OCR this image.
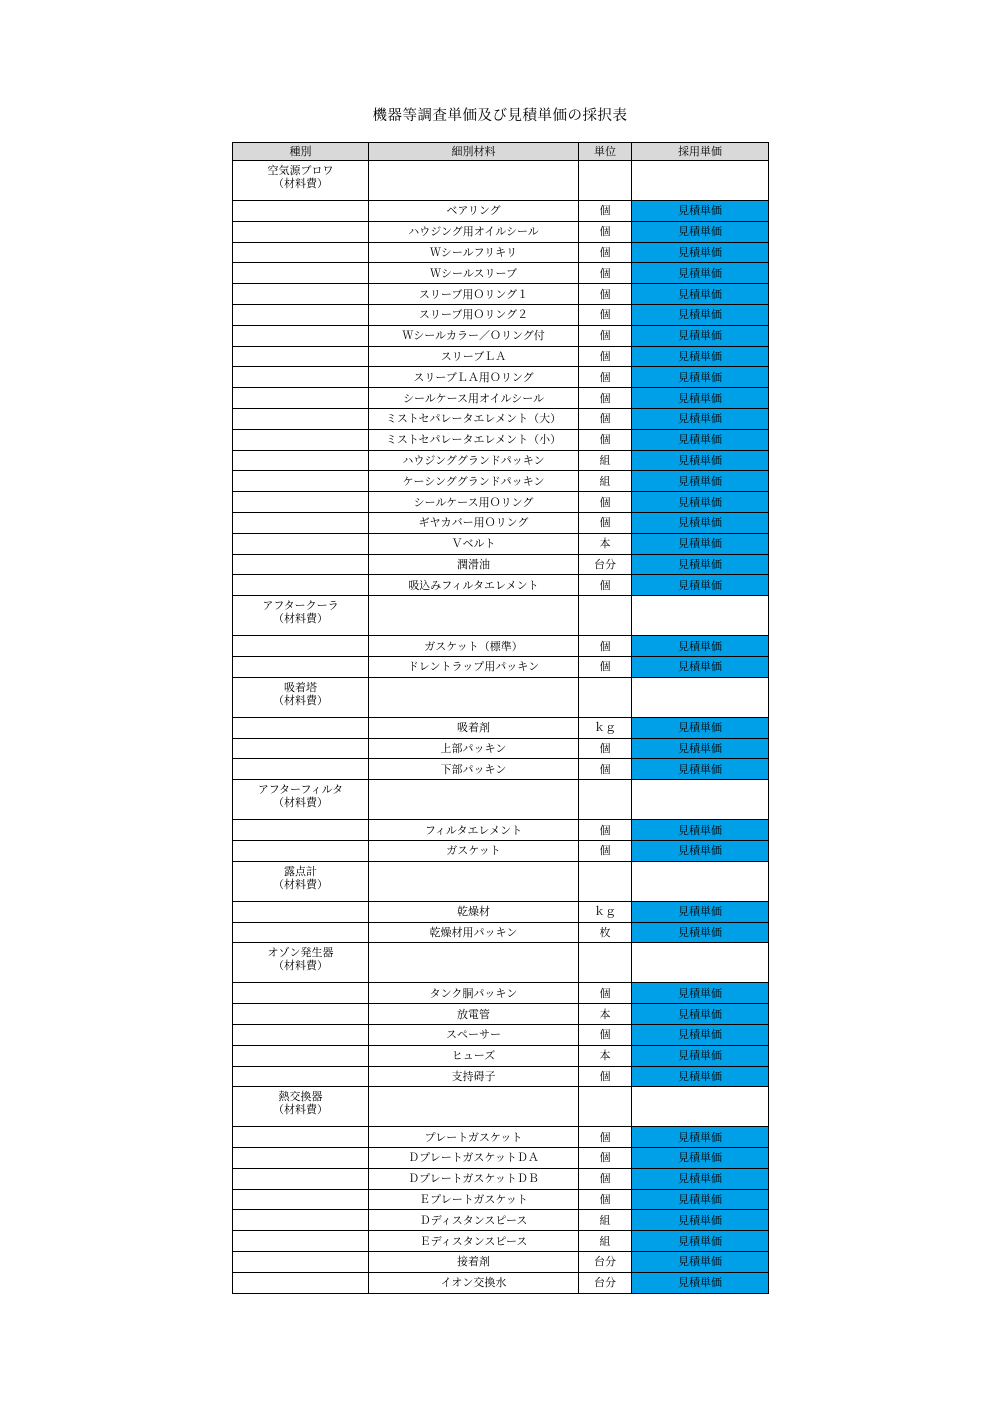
機器等調査単価及び見積単価の採択表
種別	細別材料	単位	採用単価

空気源ブロワ
（材料費）			

	ベアリング	個	見積単価
	ハウジング用オイルシール	個	見積単価
	Ｗシールフリキリ	個	見積単価
	Ｗシールスリーブ	個	見積単価
	スリーブ用Ｏリング１	個	見積単価
	スリーブ用Ｏリング２	個	見積単価
	Ｗシールカラー／Ｏリング付	個	見積単価
	スリーブＬＡ	個	見積単価
	スリーブＬＡ用Ｏリング	個	見積単価
	シールケース用オイルシール	個	見積単価
	ミストセパレータエレメント（大）	個	見積単価
	ミストセパレータエレメント（小）	個	見積単価
	ハウジンググランドパッキン	組	見積単価
	ケーシンググランドパッキン	組	見積単価
	シールケース用Ｏリング	個	見積単価
	ギヤカバー用Ｏリング	個	見積単価
	Ｖベルト	本	見積単価
	潤滑油	台分	見積単価
	吸込みフィルタエレメント	個	見積単価

アフタークーラ
（材料費）			

	ガスケット（標準）	個	見積単価
	ドレントラップ用パッキン	個	見積単価

吸着塔
（材料費）			

	吸着剤	ｋｇ	見積単価
	上部パッキン	個	見積単価
	下部パッキン	個	見積単価

アフターフィルタ
（材料費）			

	フィルタエレメント	個	見積単価
	ガスケット	個	見積単価

露点計
（材料費）			

	乾燥材	ｋｇ	見積単価
	乾燥材用パッキン	枚	見積単価

オゾン発生器
（材料費）			

	タンク胴パッキン	個	見積単価
	放電管	本	見積単価
	スペーサー	個	見積単価
	ヒューズ	本	見積単価
	支持碍子	個	見積単価

熱交換器
（材料費）			

	プレートガスケット	個	見積単価
	ＤプレートガスケットＤＡ	個	見積単価
	ＤプレートガスケットＤＢ	個	見積単価
	Ｅプレートガスケット	個	見積単価
	Ｄディスタンスピース	組	見積単価
	Ｅディスタンスピース	組	見積単価
	接着剤	台分	見積単価
	イオン交換水	台分	見積単価
